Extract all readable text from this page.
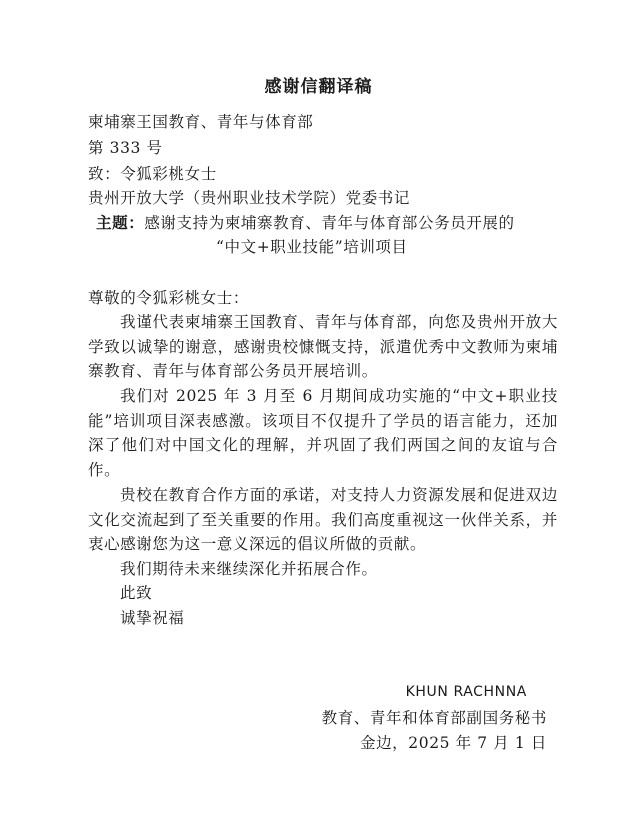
感谢信翻译稿
柬埔寨王国教育、青年与体育部
第 333 号
致：令狐彩桃女士
贵州开放大学（贵州职业技术学院）党委书记
主题：感谢支持为柬埔寨教育、青年与体育部公务员开展的
“中文+职业技能”培训项目
尊敬的令狐彩桃女士：
我谨代表柬埔寨王国教育、青年与体育部，向您及贵州开放大学致以诚挚的谢意，感谢贵校慷慨支持，派遣优秀中文教师为柬埔寨教育、青年与体育部公务员开展培训。
我们对 2025 年 3 月至 6 月期间成功实施的“中文+职业技能”培训项目深表感激。该项目不仅提升了学员的语言能力，还加深了他们对中国文化的理解，并巩固了我们两国之间的友谊与合作。
贵校在教育合作方面的承诺，对支持人力资源发展和促进双边文化交流起到了至关重要的作用。我们高度重视这一伙伴关系，并衷心感谢您为这一意义深远的倡议所做的贡献。
我们期待未来继续深化并拓展合作。
此致
诚挚祝福
KHUN RACHNNA
教育、青年和体育部副国务秘书
金边，2025 年 7 月 1 日
